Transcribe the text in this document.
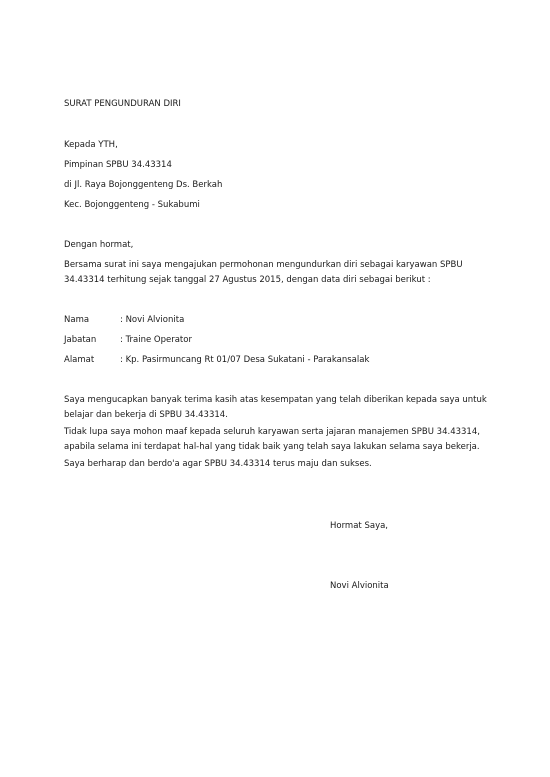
SURAT PENGUNDURAN DIRI
Kepada YTH,
Pimpinan SPBU 34.43314
di Jl. Raya Bojonggenteng Ds. Berkah
Kec. Bojonggenteng - Sukabumi
Dengan hormat,
Bersama surat ini saya mengajukan permohonan mengundurkan diri sebagai karyawan SPBU 34.43314 terhitung sejak tanggal 27 Agustus 2015, dengan data diri sebagai berikut :
Nama	: Novi Alvionita
Jabatan	: Traine Operator
Alamat	: Kp. Pasirmuncang Rt 01/07 Desa Sukatani - Parakansalak
Saya mengucapkan banyak terima kasih atas kesempatan yang telah diberikan kepada saya untuk belajar dan bekerja di SPBU 34.43314.
Tidak lupa saya mohon maaf kepada seluruh karyawan serta jajaran manajemen SPBU 34.43314, apabila selama ini terdapat hal-hal yang tidak baik yang telah saya lakukan selama saya bekerja.
Saya berharap dan berdo'a agar SPBU 34.43314 terus maju dan sukses.
Hormat Saya,
Novi Alvionita
